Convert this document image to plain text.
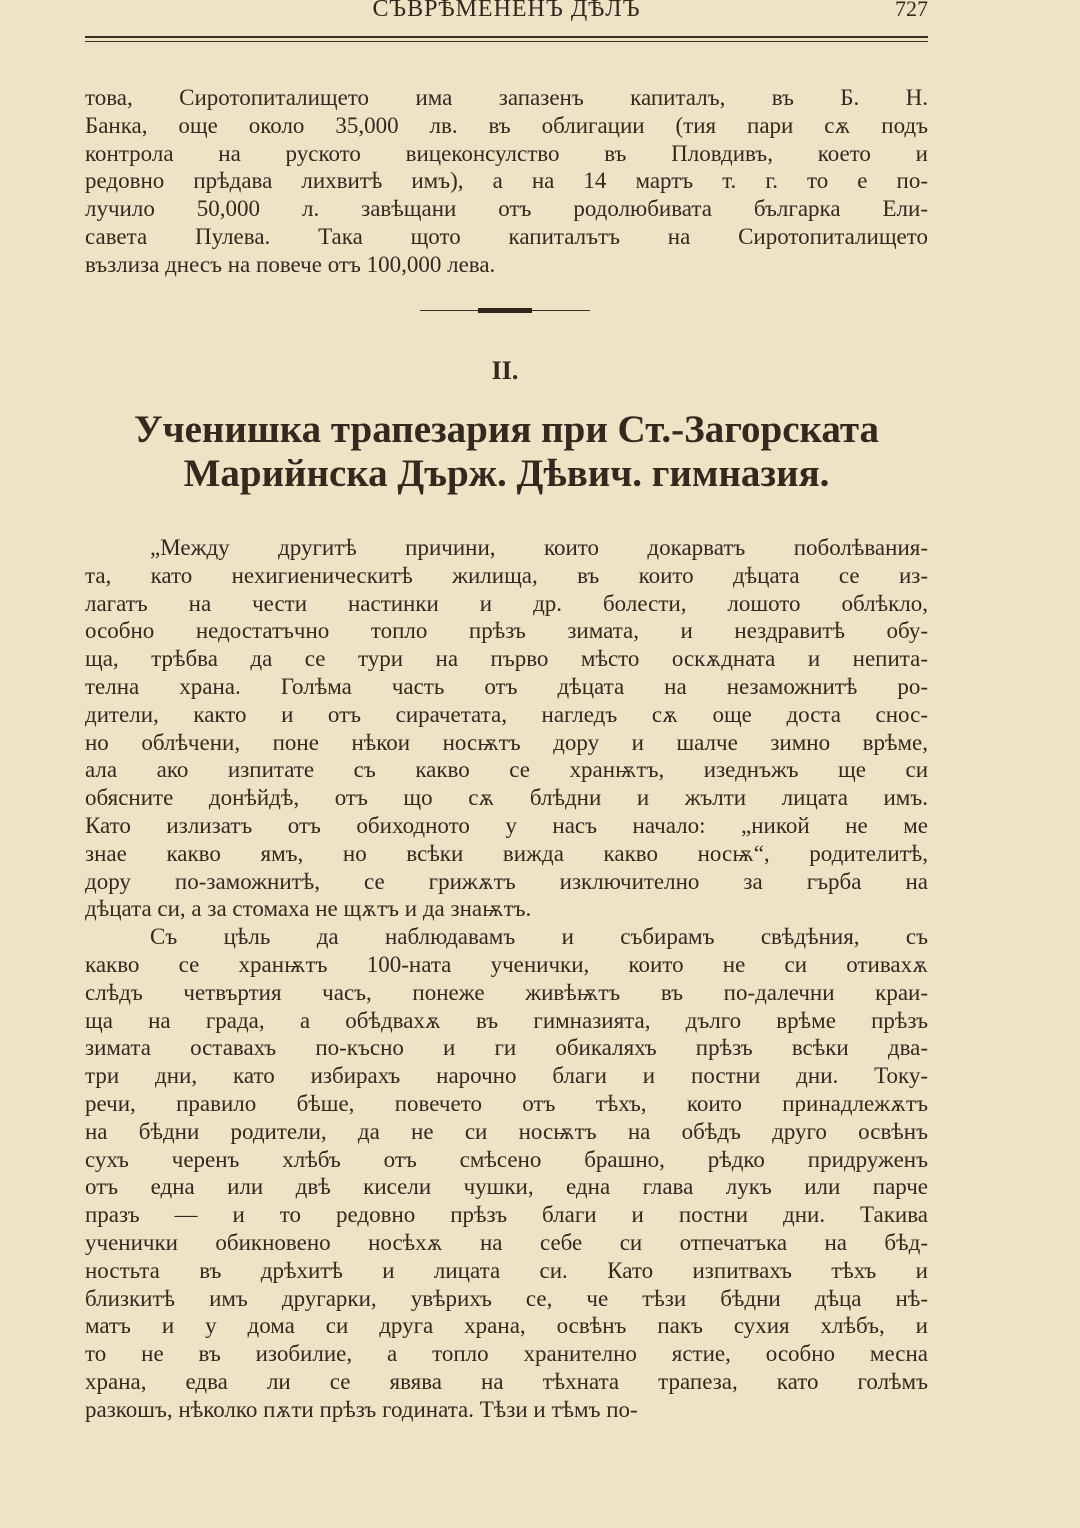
СЪВРѢМЕНЕНЪ ДѢЛЪ	727
това, Сиротопиталището има запазенъ капиталъ, въ Б. Н.
Банка, още около 35,000 лв. въ облигации (тия пари сѫ подъ
контрола на руското вицеконсулство въ Пловдивъ, което и
редовно прѣдава лихвитѣ имъ), а на 14 мартъ т. г. то е по-
лучило 50,000 л. завѣщани отъ родолюбивата българка Ели-
савета Пулева. Така щото капиталътъ на Сиротопиталището
възлиза днесъ на повече отъ 100,000 лева.
II.
Ученишка трапезария при Ст.-Загорската
Марийнска Държ. Дѣвич. гимназия.
„Между другитѣ причини, които докарватъ поболѣвания-
та, като нехигиеническитѣ жилища, въ които дѣцата се из-
лагатъ на чести настинки и др. болести, лошото облѣкло,
особно недостатъчно топло прѣзъ зимата, и нездравитѣ обу-
ща, трѣбва да се тури на първо мѣсто оскѫдната и непита-
телна храна. Голѣма часть отъ дѣцата на незаможнитѣ ро-
дители, както и отъ сирачетата, нагледъ сѫ още доста снос-
но облѣчени, поне нѣкои носѭтъ дору и шалче зимно врѣме,
ала ако изпитате съ какво се хранѭтъ, изеднъжъ ще си
обясните донѣйдѣ, отъ що сѫ блѣдни и жълти лицата имъ.
Като излизатъ отъ обиходното у насъ начало: „никой не ме
знае какво ямъ, но всѣки вижда какво носѭ“, родителитѣ,
дору по-заможнитѣ, се грижѫтъ изключително за гърба на
дѣцата си, а за стомаха не щѫтъ и да знаѭтъ.
Съ цѣль да наблюдавамъ и събирамъ свѣдѣния, съ
какво се хранѭтъ 100-ната ученички, които не си отивахѫ
слѣдъ четвъртия часъ, понеже живѣѭтъ въ по-далечни краи-
ща на града, а обѣдвахѫ въ гимназията, дълго врѣме прѣзъ
зимата оставахъ по-късно и ги обикаляхъ прѣзъ всѣки два-
три дни, като избирахъ нарочно благи и постни дни. Току-
речи, правило бѣше, повечето отъ тѣхъ, които принадлежѫтъ
на бѣдни родители, да не си носѭтъ на обѣдъ друго освѣнъ
сухъ черенъ хлѣбъ отъ смѣсено брашно, рѣдко придруженъ
отъ една или двѣ кисели чушки, една глава лукъ или парче
празъ — и то редовно прѣзъ благи и постни дни. Такива
ученички обикновено носѣхѫ на себе си отпечатъка на бѣд-
ностьта въ дрѣхитѣ и лицата си. Като изпитвахъ тѣхъ и
близкитѣ имъ другарки, увѣрихъ се, че тѣзи бѣдни дѣца нѣ-
матъ и у дома си друга храна, освѣнъ пакъ сухия хлѣбъ, и
то не въ изобилие, а топло хранително ястие, особно месна
храна, едва ли се явява на тѣхната трапеза, като голѣмъ
разкошъ, нѣколко пѫти прѣзъ годината. Тѣзи и тѣмъ по-
